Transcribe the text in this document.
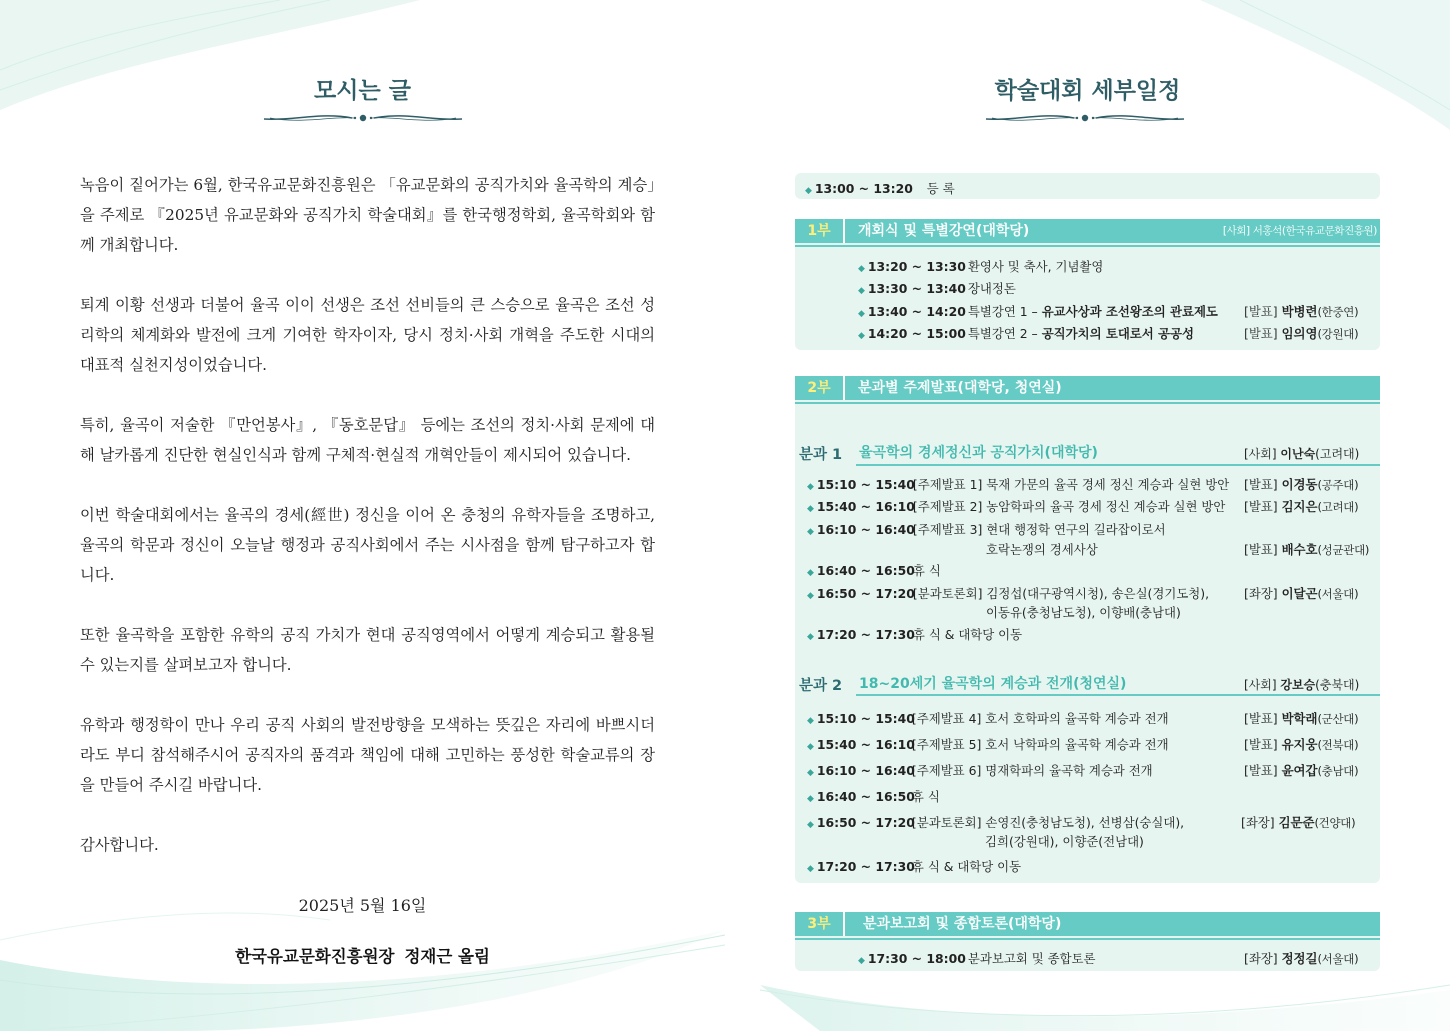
모시는 글
녹음이 짙어가는 6월, 한국유교문화진흥원은 「유교문화의 공직가치와 율곡학의 계승」을 주제로 『2025년 유교문화와 공직가치 학술대회』를 한국행정학회, 율곡학회와 함께 개최합니다.
퇴계 이황 선생과 더불어 율곡 이이 선생은 조선 선비들의 큰 스승으로 율곡은 조선 성리학의 체계화와 발전에 크게 기여한 학자이자, 당시 정치·사회 개혁을 주도한 시대의 대표적 실천지성이었습니다.
특히, 율곡이 저술한 『만언봉사』, 『동호문답』 등에는 조선의 정치·사회 문제에 대해 날카롭게 진단한 현실인식과 함께 구체적·현실적 개혁안들이 제시되어 있습니다.
이번 학술대회에서는 율곡의 경세(經世) 정신을 이어 온 충청의 유학자들을 조명하고, 율곡의 학문과 정신이 오늘날 행정과 공직사회에서 주는 시사점을 함께 탐구하고자 합니다.
또한 율곡학을 포함한 유학의 공직 가치가 현대 공직영역에서 어떻게 계승되고 활용될 수 있는지를 살펴보고자 합니다.
유학과 행정학이 만나 우리 공직 사회의 발전방향을 모색하는 뜻깊은 자리에 바쁘시더라도 부디 참석해주시어 공직자의 품격과 책임에 대해 고민하는 풍성한 학술교류의 장을 만들어 주시길 바랍니다.
감사합니다.
2025년 5월 16일
한국유교문화진흥원장 정재근 올림
학술대회 세부일정
◆ 13:00 ~ 13:20 등 록
1부	개회식 및 특별강연(대학당)	[사회] 서홍석(한국유교문화진흥원)
◆ 13:20 ~ 13:30 환영사 및 축사, 기념촬영
◆ 13:30 ~ 13:40 장내정돈
◆ 13:40 ~ 14:20 특별강연 1 – 유교사상과 조선왕조의 관료제도 [발표] 박병련(한중연)
◆ 14:20 ~ 15:00 특별강연 2 – 공직가치의 토대로서 공공성	[발표] 임의영(강원대)
2부	분과별 주제발표(대학당, 청연실)
분과 1 율곡학의 경세정신과 공직가치(대학당)	[사회] 이난숙(고려대)
◆ 15:10 ~ 15:40[주제발표 1] 묵재 가문의 율곡 경세 정신 계승과 실현 방안 [발표] 이경동(공주대)
◆ 15:40 ~ 16:10[주제발표 2] 농암학파의 율곡 경세 정신 계승과 실현 방안 [발표] 김지은(고려대)
◆ 16:10 ~ 16:40[주제발표 3] 현대 행정학 연구의 길라잡이로서
호락논쟁의 경세사상	[발표] 배수호(성균관대)
◆ 16:40 ~ 16:50휴 식
◆ 16:50 ~ 17:20[분과토론회] 김정섭(대구광역시청), 송은실(경기도청),
이동유(충청남도청), 이향배(충남대)
[좌장] 이달곤(서울대)
◆ 17:20 ~ 17:30휴 식 & 대학당 이동
분과 2 18~20세기 율곡학의 계승과 전개(청연실)	[사회] 강보승(충북대)
◆ 15:10 ~ 15:40[주제발표 4] 호서 호학파의 율곡학 계승과 전개	[발표] 박학래(군산대)
◆ 15:40 ~ 16:10[주제발표 5] 호서 낙학파의 율곡학 계승과 전개	[발표] 유지웅(전북대)
◆ 16:10 ~ 16:40[주제발표 6] 명재학파의 율곡학 계승과 전개	[발표] 윤여갑(충남대)
◆ 16:40 ~ 16:50휴 식
◆ 16:50 ~ 17:20[분과토론회] 손영진(충청남도청), 선병삼(숭실대),
김희(강원대), 이향준(전남대)
[좌장] 김문준(건양대)
◆ 17:20 ~ 17:30휴 식 & 대학당 이동
3부	분과보고회 및 종합토론(대학당)
◆ 17:30 ~ 18:00 분과보고회 및 종합토론	[좌장] 정정길(서울대)
